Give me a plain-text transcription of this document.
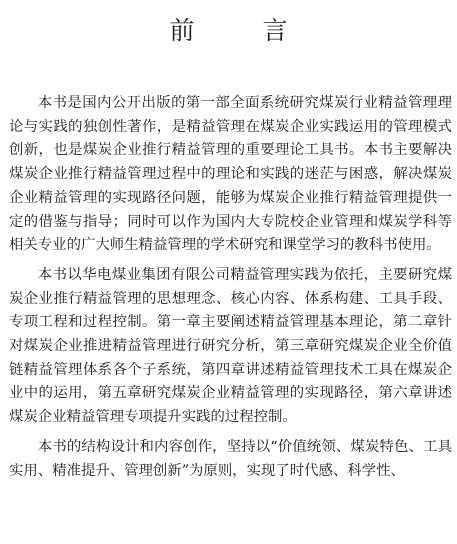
前 言

本书是国内公开出版的第一部全面系统研究煤炭行业精益管理理论与实践的独创性著作，是精益管理在煤炭企业实践运用的管理模式创新，也是煤炭企业推行精益管理的重要理论工具书。本书主要解决煤炭企业推行精益管理过程中的理论和实践的迷茫与困惑，解决煤炭企业精益管理的实现路径问题，能够为煤炭企业推行精益管理提供一定的借鉴与指导；同时可以作为国内大专院校企业管理和煤炭学科等相关专业的广大师生精益管理的学术研究和课堂学习的教科书使用。

本书以华电煤业集团有限公司精益管理实践为依托，主要研究煤炭企业推行精益管理的思想理念、核心内容、体系构建、工具手段、专项工程和过程控制。第一章主要阐述精益管理基本理论，第二章针对煤炭企业推进精益管理进行研究分析，第三章研究煤炭企业全价值链精益管理体系各个子系统，第四章讲述精益管理技术工具在煤炭企业中的运用，第五章研究煤炭企业精益管理的实现路径，第六章讲述煤炭企业精益管理专项提升实践的过程控制。

本书的结构设计和内容创作，坚持以“价值统领、煤炭特色、工具实用、精准提升、管理创新”为原则，实现了时代感、科学性、
